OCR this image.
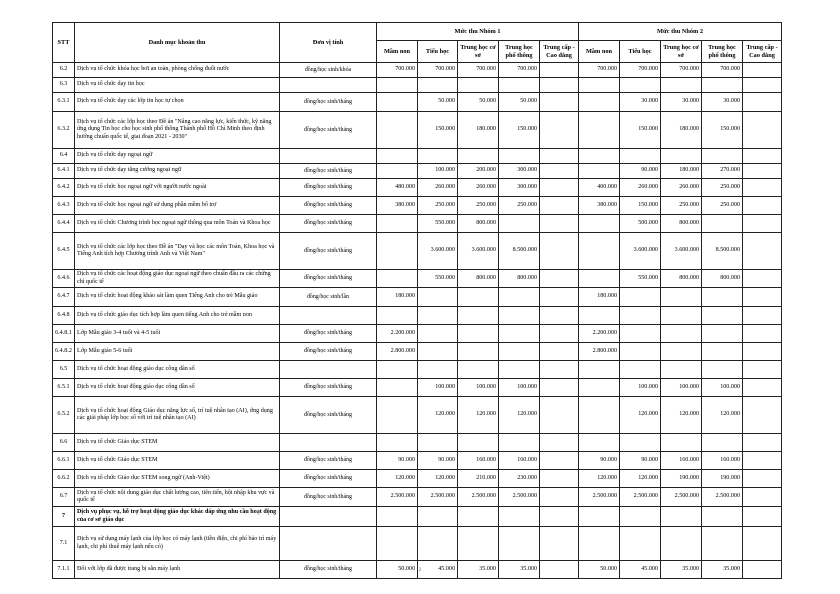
STT	Danh mục khoản thu	Đơn vị tính	Mức thu Nhóm 1					Mức thu Nhóm 2				
			Mầm non	Tiểu học	Trung học cơ sở	Trung học phổ thông	Trung cấp - Cao đẳng	Mầm non	Tiểu học	Trung học cơ sở	Trung học phổ thông	Trung cấp - Cao đẳng
6.2	Dịch vụ tổ chức khóa học bơi an toàn, phòng chống đuối nước	đồng/học sinh/khóa	700.000	700.000	700.000	700.000		700.000	700.000	700.000	700.000	
6.3	Dịch vụ tổ chức dạy tin học											
6.3.1	Dịch vụ tổ chức dạy các lớp tin học tự chọn	đồng/học sinh/tháng		50.000	50.000	50.000			30.000	30.000	30.000	
6.3.2	Dịch vụ tổ chức các lớp học theo Đề án "Nâng cao năng lực, kiến thức, kỹ năng ứng dụng Tin học cho học sinh phổ thông Thành phố Hồ Chí Minh theo định hướng chuẩn quốc tế, giai đoạn 2021 - 2030"	đồng/học sinh/tháng		150.000	180.000	150.000			150.000	180.000	150.000	
6.4	Dịch vụ tổ chức dạy ngoại ngữ											
6.4.1	Dịch vụ tổ chức dạy tăng cường ngoại ngữ	đồng/học sinh/tháng		100.000	200.000	300.000			90.000	180.000	270.000	
6.4.2	Dịch vụ tổ chức học ngoại ngữ với người nước ngoài	đồng/học sinh/tháng	480.000	260.000	260.000	300.000		400.000	260.000	260.000	250.000	
6.4.3	Dịch vụ tổ chức học ngoại ngữ sử dụng phần mềm bổ trợ	đồng/học sinh/tháng	380.000	250.000	250.000	250.000		380.000	150.000	250.000	250.000	
6.4.4	Dịch vụ tổ chức Chương trình học ngoại ngữ thông qua môn Toán và Khoa học	đồng/học sinh/tháng		550.000	800.000				500.000	800.000		
6.4.5	Dịch vụ tổ chức các lớp học theo Đề án "Dạy và học các môn Toán, Khoa học và Tiếng Anh tích hợp Chương trình Anh và Việt Nam"	đồng/học sinh/tháng		3.600.000	3.600.000	8.500.000			3.600.000	3.600.000	8.500.000	
6.4.6	Dịch vụ tổ chức các hoạt động giáo dục ngoại ngữ theo chuẩn đầu ra các chứng chỉ quốc tế	đồng/học sinh/tháng		550.000	800.000	800.000			550.000	800.000	800.000	
6.4.7	Dịch vụ tổ chức hoạt động khảo sát làm quen Tiếng Anh cho trẻ Mẫu giáo	đồng/học sinh/lần	180.000					180.000				
6.4.8	Dịch vụ tổ chức giáo dục tích hợp làm quen tiếng Anh cho trẻ mầm non											
6.4.8.1	Lớp Mẫu giáo 3-4 tuổi và 4-5 tuổi	đồng/học sinh/tháng	2.200.000					2.200.000				
6.4.8.2	Lớp Mẫu giáo 5-6 tuổi	đồng/học sinh/tháng	2.800.000					2.800.000				
6.5	Dịch vụ tổ chức hoạt động giáo dục công dân số											
6.5.1	Dịch vụ tổ chức hoạt động giáo dục công dân số	đồng/học sinh/tháng		100.000	100.000	100.000			100.000	100.000	100.000	
6.5.2	Dịch vụ tổ chức hoạt động Giáo dục năng lực số, trí tuệ nhân tạo (AI), ứng dụng các giải pháp lớp học số với trí tuệ nhân tạo (AI)	đồng/học sinh/tháng		120.000	120.000	120.000			120.000	120.000	120.000	
6.6	Dịch vụ tổ chức Giáo dục STEM											
6.6.1	Dịch vụ tổ chức Giáo dục STEM	đồng/học sinh/tháng	90.000	90.000	160.000	160.000		90.000	90.000	160.000	160.000	
6.6.2	Dịch vụ tổ chức Giáo dục STEM song ngữ (Anh-Việt)	đồng/học sinh/tháng	120.000	120.000	210.000	230.000		120.000	120.000	190.000	190.000	
6.7	Dịch vụ tổ chức nội dung giáo dục chất lượng cao, tiên tiến, hội nhập khu vực và quốc tế	đồng/học sinh/tháng	2.500.000	2.500.000	2.500.000	2.500.000		2.500.000	2.500.000	2.500.000	2.500.000	
7	Dịch vụ phục vụ, hỗ trợ hoạt động giáo dục khác đáp ứng nhu cầu hoạt động của cơ sở giáo dục											
7.1	Dịch vụ sử dụng máy lạnh của lớp học có máy lạnh (tiền điện, chi phí bảo trì máy lạnh, chi phí thuê máy lạnh nếu có)											
7.1.1	Đối với lớp đã được trang bị sẵn máy lạnh	đồng/học sinh/tháng	50.000	45.000	35.000	35.000		50.000	45.000	35.000	35.000	
2
